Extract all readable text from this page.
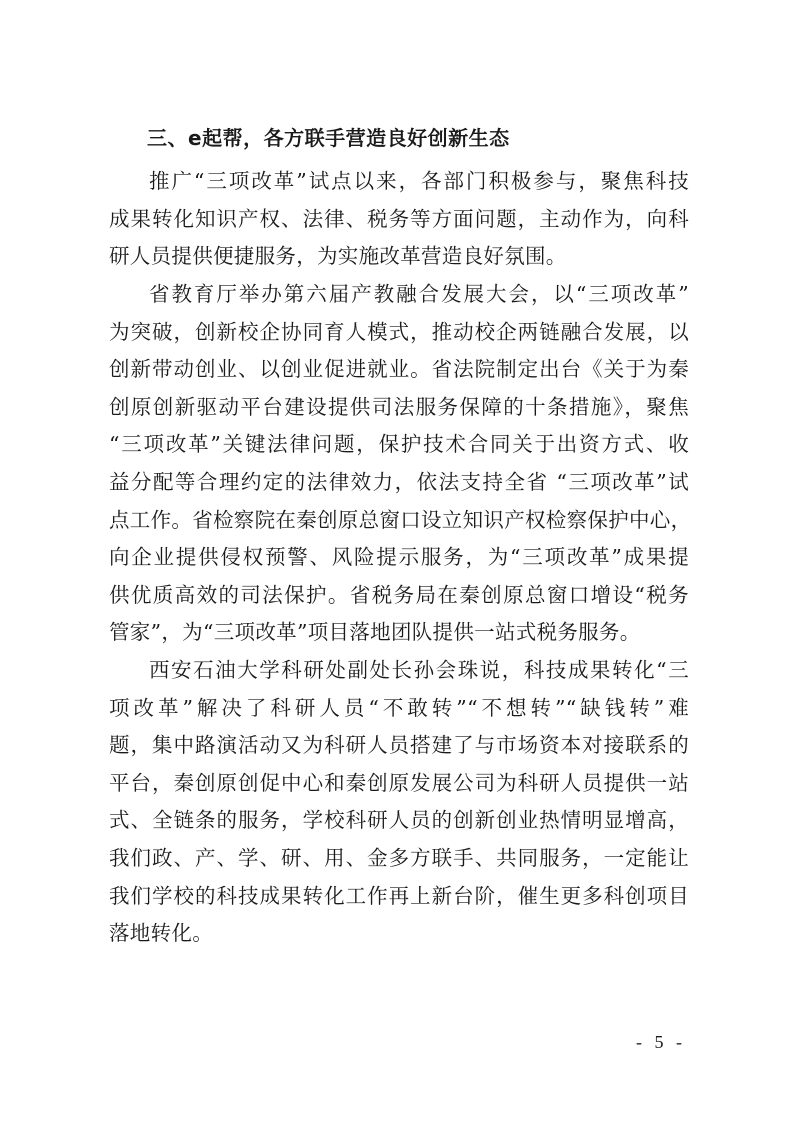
三、e起帮，各方联手营造良好创新生态
推广“三项改革”试点以来，各部门积极参与，聚焦科技
成果转化知识产权、法律、税务等方面问题，主动作为，向科
研人员提供便捷服务，为实施改革营造良好氛围。
省教育厅举办第六届产教融合发展大会，以“三项改革”
为突破，创新校企协同育人模式，推动校企两链融合发展，以
创新带动创业、以创业促进就业。省法院制定出台《关于为秦
创原创新驱动平台建设提供司法服务保障的十条措施》，聚焦
“三项改革”关键法律问题，保护技术合同关于出资方式、收
益分配等合理约定的法律效力，依法支持全省 “三项改革”试
点工作。省检察院在秦创原总窗口设立知识产权检察保护中心，
向企业提供侵权预警、风险提示服务，为“三项改革”成果提
供优质高效的司法保护。省税务局在秦创原总窗口增设“税务
管家”，为“三项改革”项目落地团队提供一站式税务服务。
西安石油大学科研处副处长孙会珠说，科技成果转化“三
项改革”解决了科研人员“不敢转”“不想转”“缺钱转”难
题，集中路演活动又为科研人员搭建了与市场资本对接联系的
平台，秦创原创促中心和秦创原发展公司为科研人员提供一站
式、全链条的服务，学校科研人员的创新创业热情明显增高，
我们政、产、学、研、用、金多方联手、共同服务，一定能让
我们学校的科技成果转化工作再上新台阶，催生更多科创项目
落地转化。
- 5 -
